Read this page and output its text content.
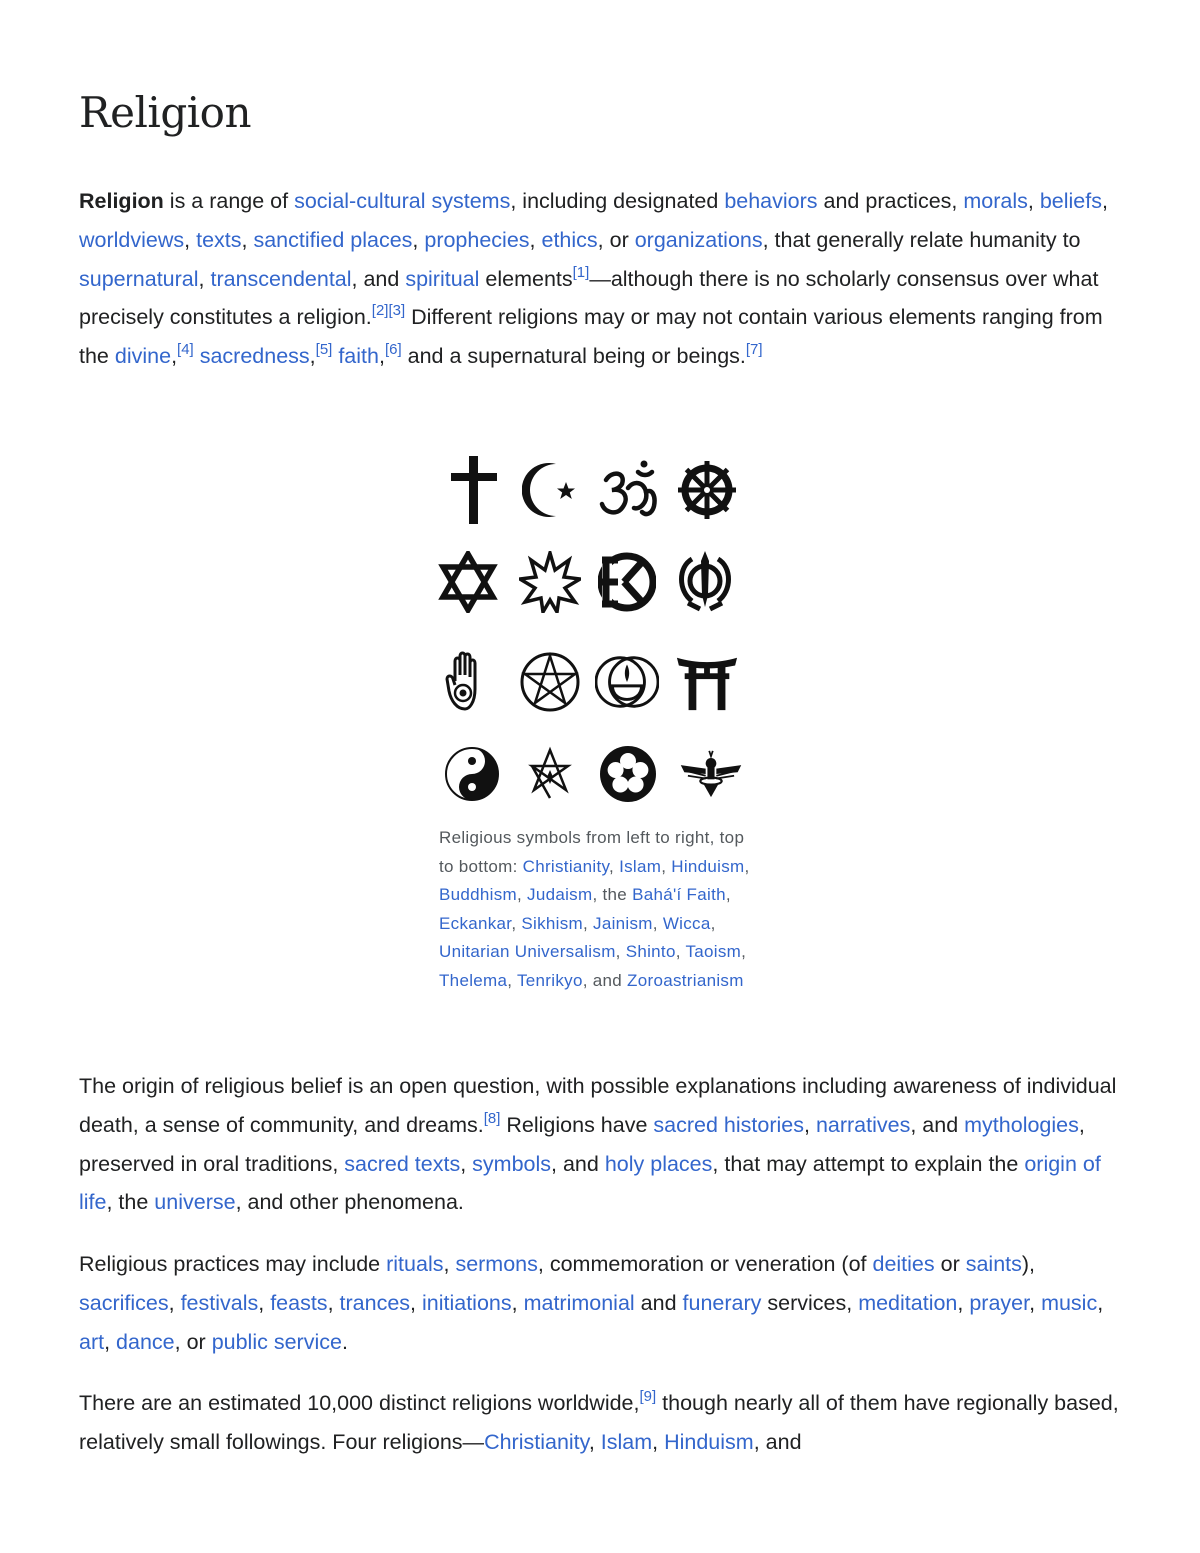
Religion

Religion is a range of social-cultural systems, including designated behaviors and practices, morals, beliefs, worldviews, texts, sanctified places, prophecies, ethics, or organizations, that generally relate humanity to supernatural, transcendental, and spiritual elements[1]—although there is no scholarly consensus over what precisely constitutes a religion.[2][3] Different religions may or may not contain various elements ranging from the divine,[4] sacredness,[5] faith,[6] and a supernatural being or beings.[7]

Religious symbols from left to right, top to bottom: Christianity, Islam, Hinduism, Buddhism, Judaism, the Bahá'í Faith, Eckankar, Sikhism, Jainism, Wicca, Unitarian Universalism, Shinto, Taoism, Thelema, Tenrikyo, and Zoroastrianism

The origin of religious belief is an open question, with possible explanations including awareness of individual death, a sense of community, and dreams.[8] Religions have sacred histories, narratives, and mythologies, preserved in oral traditions, sacred texts, symbols, and holy places, that may attempt to explain the origin of life, the universe, and other phenomena.

Religious practices may include rituals, sermons, commemoration or veneration (of deities or saints), sacrifices, festivals, feasts, trances, initiations, matrimonial and funerary services, meditation, prayer, music, art, dance, or public service.

There are an estimated 10,000 distinct religions worldwide,[9] though nearly all of them have regionally based, relatively small followings. Four religions—Christianity, Islam, Hinduism, and
